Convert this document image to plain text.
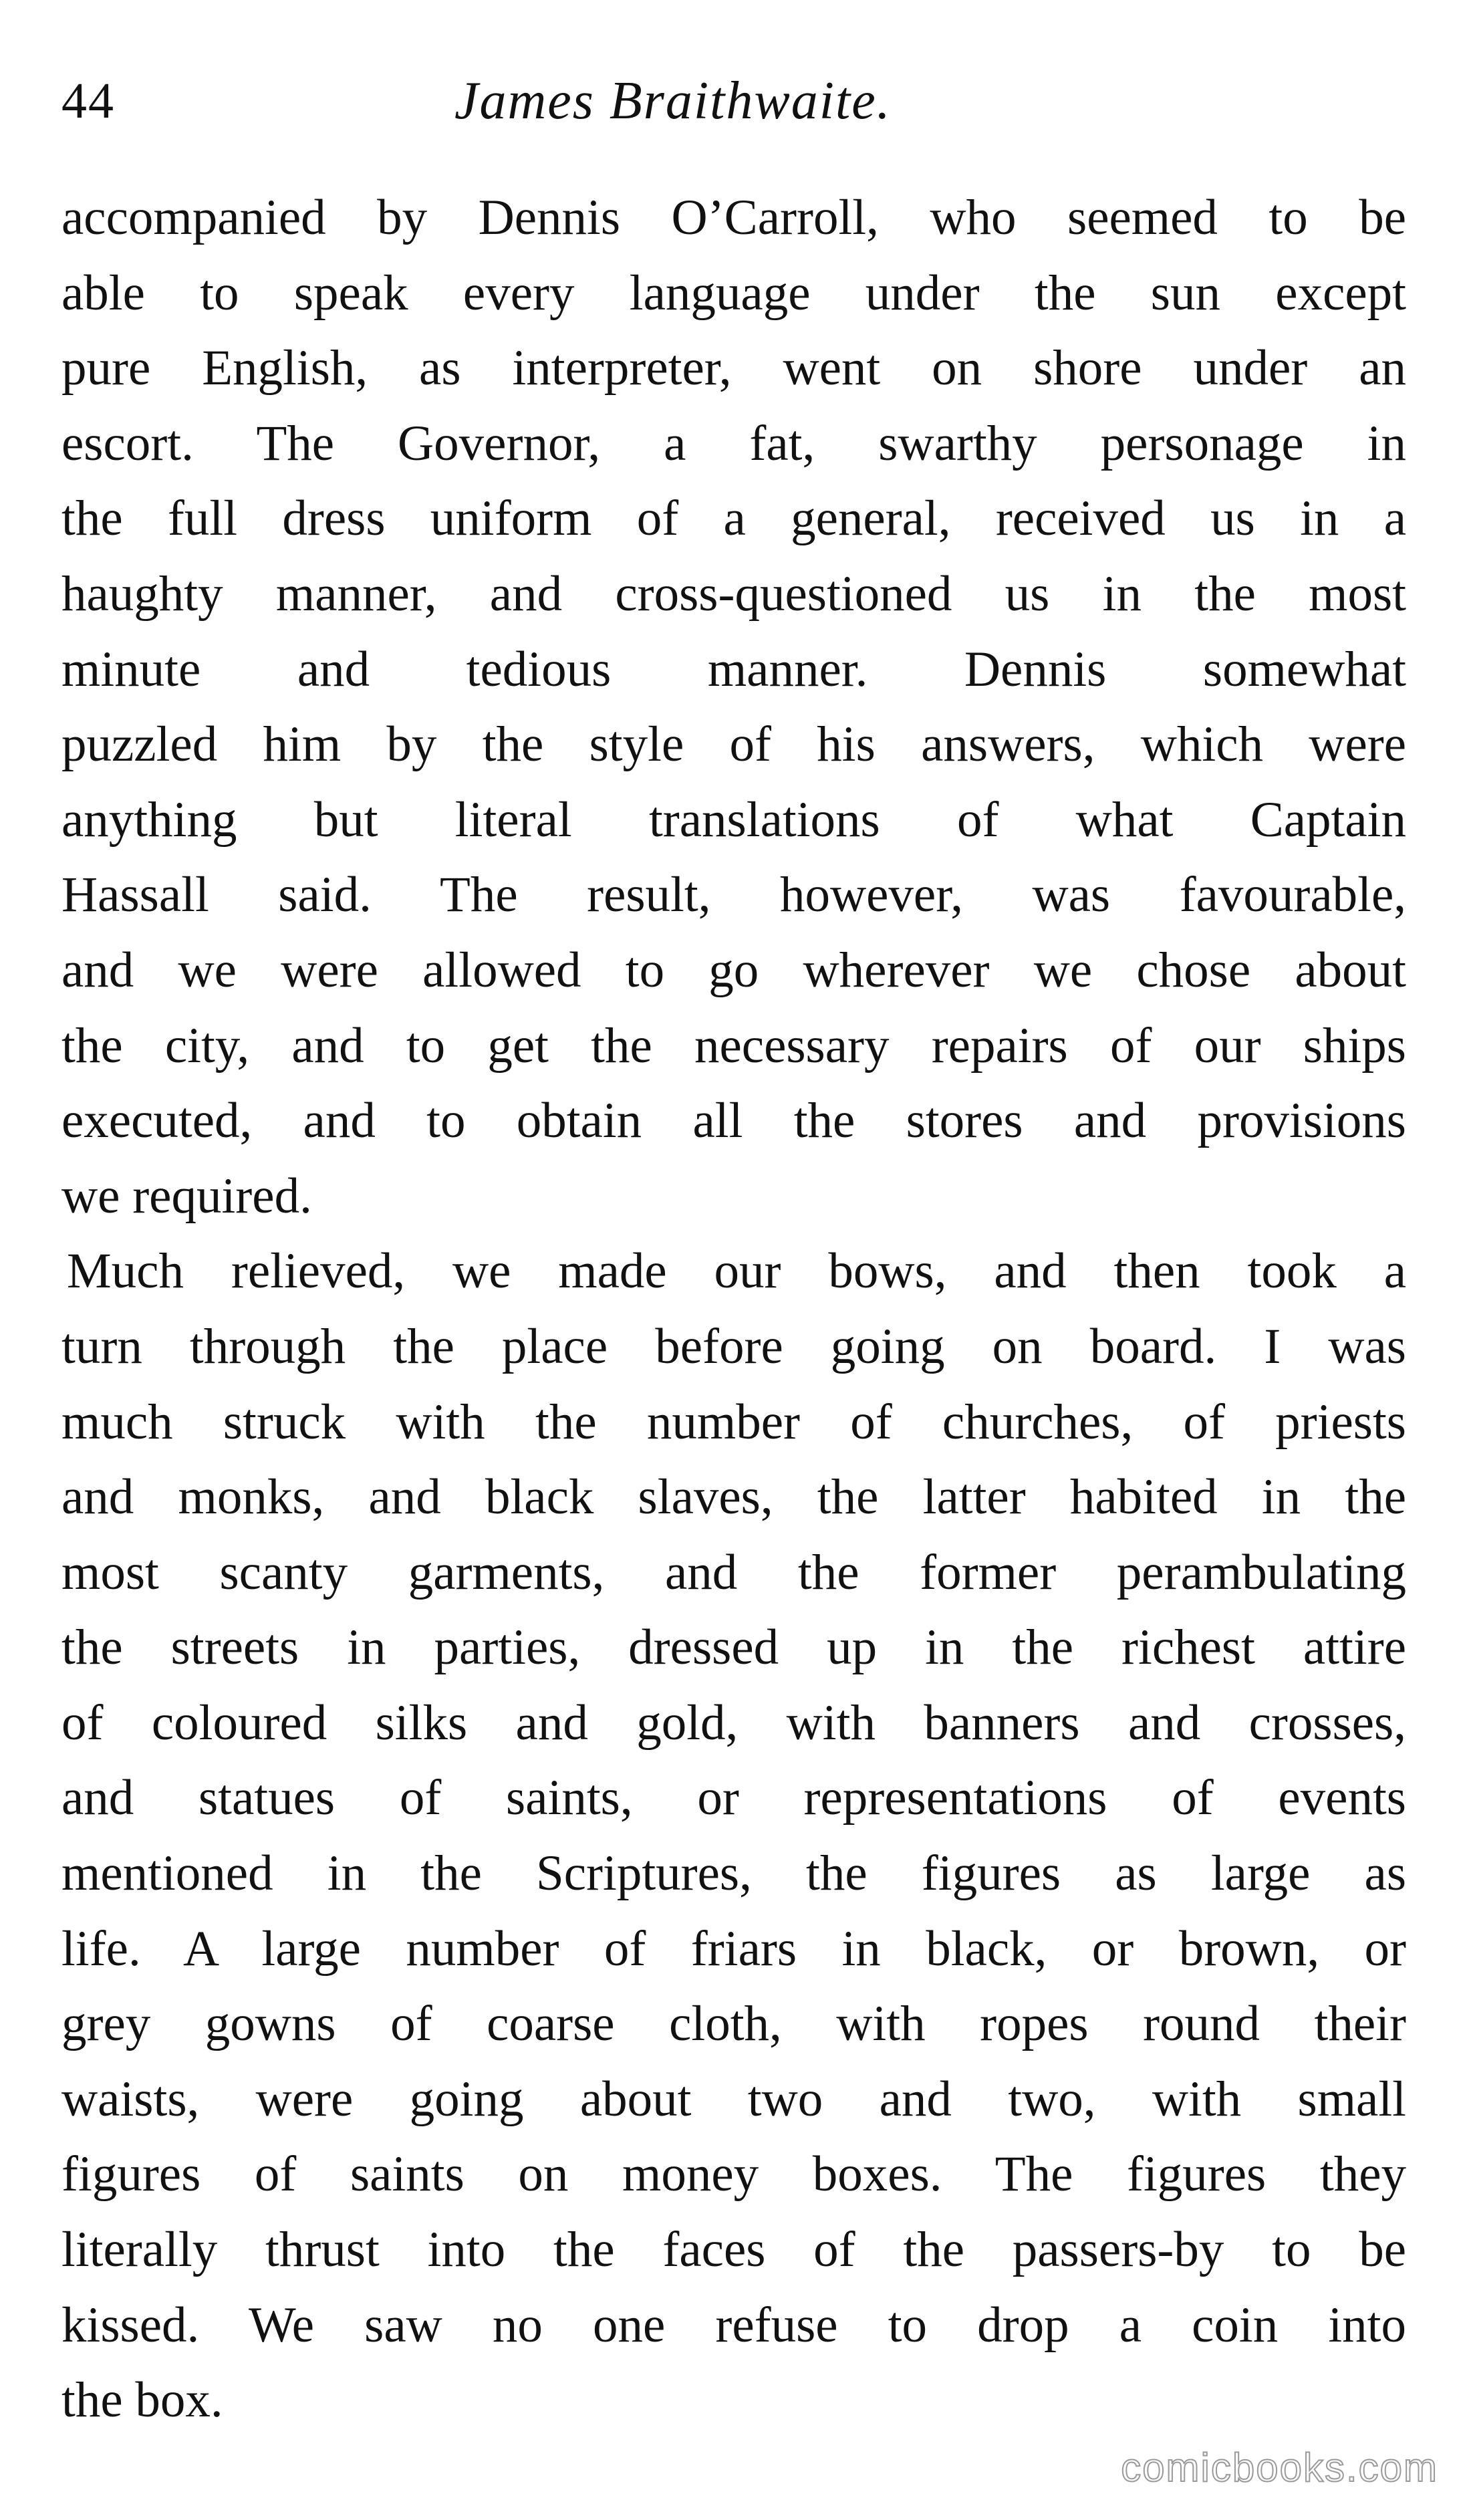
44	James Braithwaite.
accompanied by Dennis O’Carroll, who seemed to be
able to speak every language under the sun except
pure English, as interpreter, went on shore under an
escort. The Governor, a fat, swarthy personage in
the full dress uniform of a general, received us in a
haughty manner, and cross-questioned us in the most
minute and tedious manner. Dennis somewhat
puzzled him by the style of his answers, which were
anything but literal translations of what Captain
Hassall said. The result, however, was favourable,
and we were allowed to go wherever we chose about
the city, and to get the necessary repairs of our ships
executed, and to obtain all the stores and provisions
we required.
Much relieved, we made our bows, and then took a
turn through the place before going on board. I was
much struck with the number of churches, of priests
and monks, and black slaves, the latter habited in the
most scanty garments, and the former perambulating
the streets in parties, dressed up in the richest attire
of coloured silks and gold, with banners and crosses,
and statues of saints, or representations of events
mentioned in the Scriptures, the figures as large as
life. A large number of friars in black, or brown, or
grey gowns of coarse cloth, with ropes round their
waists, were going about two and two, with small
figures of saints on money boxes. The figures they
literally thrust into the faces of the passers-by to be
kissed. We saw no one refuse to drop a coin into
the box.
comicbooks.com
